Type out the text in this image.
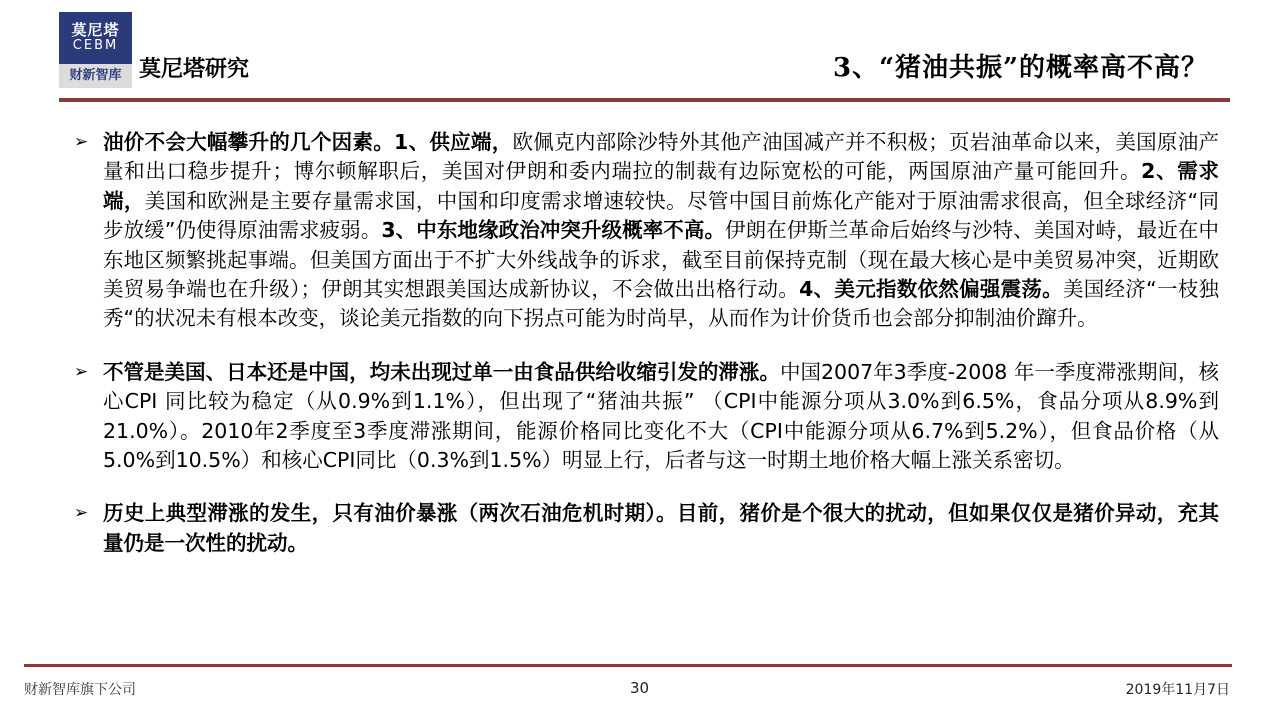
莫尼塔
CEBM
财新智库 莫尼塔研究	3、“猪油共振”的概率高不高？
➢ 油价不会大幅攀升的几个因素。1、供应端，欧佩克内部除沙特外其他产油国减产并不积极；页岩油革命以来，美国原油产量和出口稳步提升；博尔顿解职后，美国对伊朗和委内瑞拉的制裁有边际宽松的可能，两国原油产量可能回升。2、需求端，美国和欧洲是主要存量需求国，中国和印度需求增速较快。尽管中国目前炼化产能对于原油需求很高，但全球经济“同步放缓”仍使得原油需求疲弱。3、中东地缘政治冲突升级概率不高。伊朗在伊斯兰革命后始终与沙特、美国对峙，最近在中东地区频繁挑起事端。但美国方面出于不扩大外线战争的诉求，截至目前保持克制（现在最大核心是中美贸易冲突，近期欧美贸易争端也在升级）；伊朗其实想跟美国达成新协议，不会做出出格行动。4、美元指数依然偏强震荡。美国经济“一枝独秀“的状况未有根本改变，谈论美元指数的向下拐点可能为时尚早，从而作为计价货币也会部分抑制油价蹿升。
➢ 不管是美国、日本还是中国，均未出现过单一由食品供给收缩引发的滞涨。中国2007年3季度-2008 年一季度滞涨期间，核心CPI 同比较为稳定（从0.9%到1.1%），但出现了“猪油共振” （CPI中能源分项从3.0%到6.5%，食品分项从8.9%到21.0%）。2010年2季度至3季度滞涨期间，能源价格同比变化不大（CPI中能源分项从6.7%到5.2%），但食品价格（从5.0%到10.5%）和核心CPI同比（0.3%到1.5%）明显上行，后者与这一时期土地价格大幅上涨关系密切。
➢ 历史上典型滞涨的发生，只有油价暴涨（两次石油危机时期）。目前，猪价是个很大的扰动，但如果仅仅是猪价异动，充其量仍是一次性的扰动。
财新智库旗下公司	30	2019年11月7日
